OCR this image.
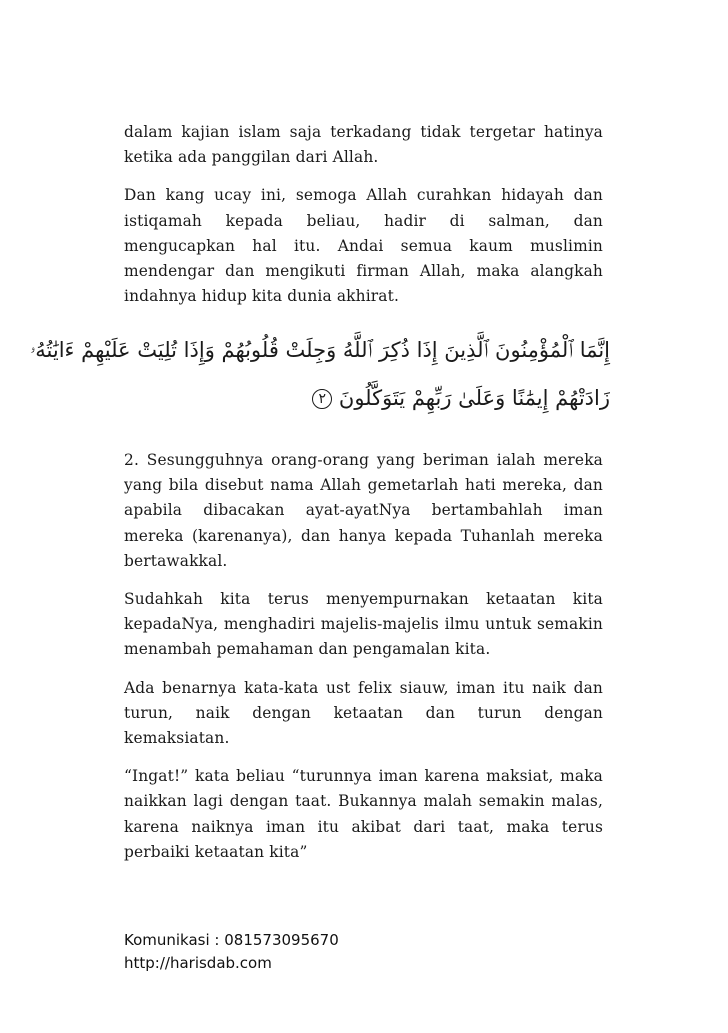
dalam kajian islam saja terkadang tidak tergetar hatinya ketika ada panggilan dari Allah.

Dan kang ucay ini, semoga Allah curahkan hidayah dan istiqamah kepada beliau, hadir di salman, dan mengucapkan hal itu. Andai semua kaum muslimin mendengar dan mengikuti firman Allah, maka alangkah indahnya hidup kita dunia akhirat.

إِنَّمَا ٱلْمُؤْمِنُونَ ٱلَّذِينَ إِذَا ذُكِرَ ٱللَّهُ وَجِلَتْ قُلُوبُهُمْ وَإِذَا تُلِيَتْ عَلَيْهِمْ ءَايَٰتُهُۥ
زَادَتْهُمْ إِيمَٰنًا وَعَلَىٰ رَبِّهِمْ يَتَوَكَّلُونَ ٢

2. Sesungguhnya orang-orang yang beriman ialah mereka yang bila disebut nama Allah gemetarlah hati mereka, dan apabila dibacakan ayat-ayatNya bertambahlah iman mereka (karenanya), dan hanya kepada Tuhanlah mereka bertawakkal.

Sudahkah kita terus menyempurnakan ketaatan kita kepadaNya, menghadiri majelis-majelis ilmu untuk semakin menambah pemahaman dan pengamalan kita.

Ada benarnya kata-kata ust felix siauw, iman itu naik dan turun, naik dengan ketaatan dan turun dengan kemaksiatan.

“Ingat!” kata beliau “turunnya iman karena maksiat, maka naikkan lagi dengan taat. Bukannya malah semakin malas, karena naiknya iman itu akibat dari taat, maka terus perbaiki ketaatan kita”

Komunikasi : 081573095670
http://harisdab.com
